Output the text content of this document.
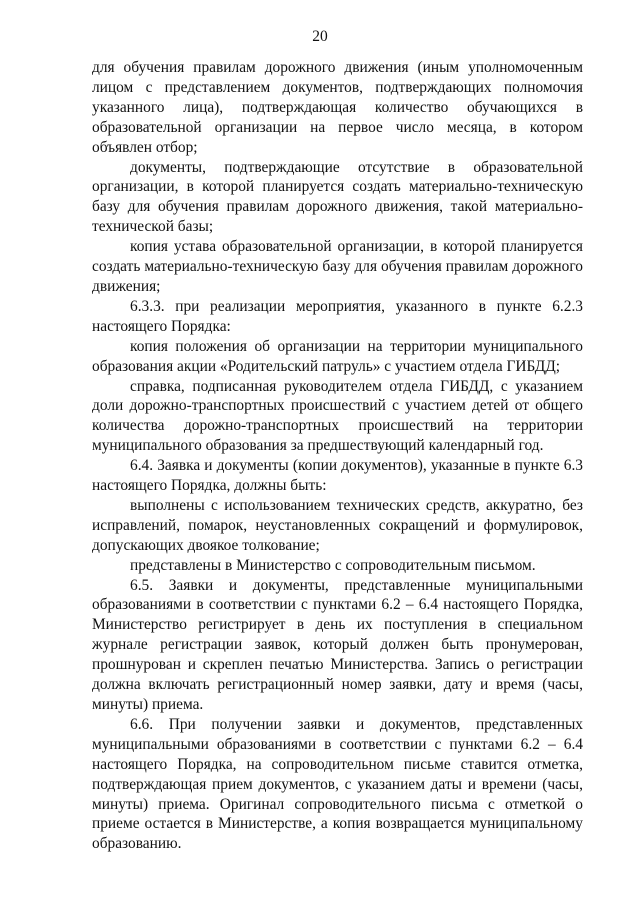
20

для обучения правилам дорожного движения (иным уполномоченным лицом с представлением документов, подтверждающих полномочия указанного лица), подтверждающая количество обучающихся в образовательной организации на первое число месяца, в котором объявлен отбор;

документы, подтверждающие отсутствие в образовательной организации, в которой планируется создать материально-техническую базу для обучения правилам дорожного движения, такой материально-технической базы;

копия устава образовательной организации, в которой планируется создать материально-техническую базу для обучения правилам дорожного движения;

6.3.3. при реализации мероприятия, указанного в пункте 6.2.3 настоящего Порядка:

копия положения об организации на территории муниципального образования акции «Родительский патруль» с участием отдела ГИБДД;

справка, подписанная руководителем отдела ГИБДД, с указанием доли дорожно-транспортных происшествий с участием детей от общего количества дорожно-транспортных происшествий на территории муниципального образования за предшествующий календарный год.

6.4. Заявка и документы (копии документов), указанные в пункте 6.3 настоящего Порядка, должны быть:

выполнены с использованием технических средств, аккуратно, без исправлений, помарок, неустановленных сокращений и формулировок, допускающих двоякое толкование;

представлены в Министерство с сопроводительным письмом.

6.5. Заявки и документы, представленные муниципальными образованиями в соответствии с пунктами 6.2 – 6.4 настоящего Порядка, Министерство регистрирует в день их поступления в специальном журнале регистрации заявок, который должен быть пронумерован, прошнурован и скреплен печатью Министерства. Запись о регистрации должна включать регистрационный номер заявки, дату и время (часы, минуты) приема.

6.6. При получении заявки и документов, представленных муниципальными образованиями в соответствии с пунктами 6.2 – 6.4 настоящего Порядка, на сопроводительном письме ставится отметка, подтверждающая прием документов, с указанием даты и времени (часы, минуты) приема. Оригинал сопроводительного письма с отметкой о приеме остается в Министерстве, а копия возвращается муниципальному образованию.
